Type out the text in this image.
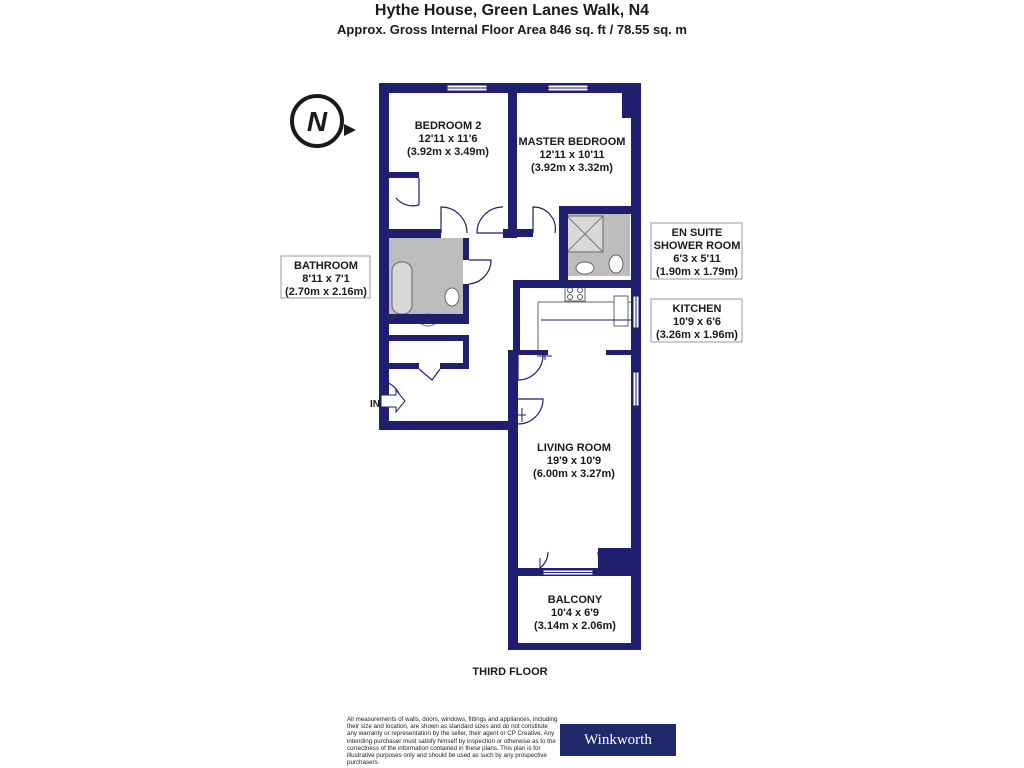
Hythe House, Green Lanes Walk, N4
Approx. Gross Internal Floor Area 846 sq. ft / 78.55 sq. m
N
IN
BEDROOM 2
12'11 x 11'6
(3.92m x 3.49m)
MASTER BEDROOM
12'11 x 10'11
(3.92m x 3.32m)
EN SUITE
SHOWER ROOM
6'3 x 5'11
(1.90m x 1.79m)
BATHROOM
8'11 x 7'1
(2.70m x 2.16m)
KITCHEN
10'9 x 6'6
(3.26m x 1.96m)
LIVING ROOM
19'9 x 10'9
(6.00m x 3.27m)
BALCONY
10'4 x 6'9
(3.14m x 2.06m)
THIRD FLOOR
All measurements of walls, doors, windows, fittings and appliances, including their size and location, are shown as standard sizes and do not constitute any warranty or representation by the seller, their agent or CP Creative. Any intending purchaser must satisfy himself by inspection or otherwise as to the correctness of the information contained in these plans. This plan is for illustrative purposes only and should be used as such by any prospective purchasers.
Winkworth
